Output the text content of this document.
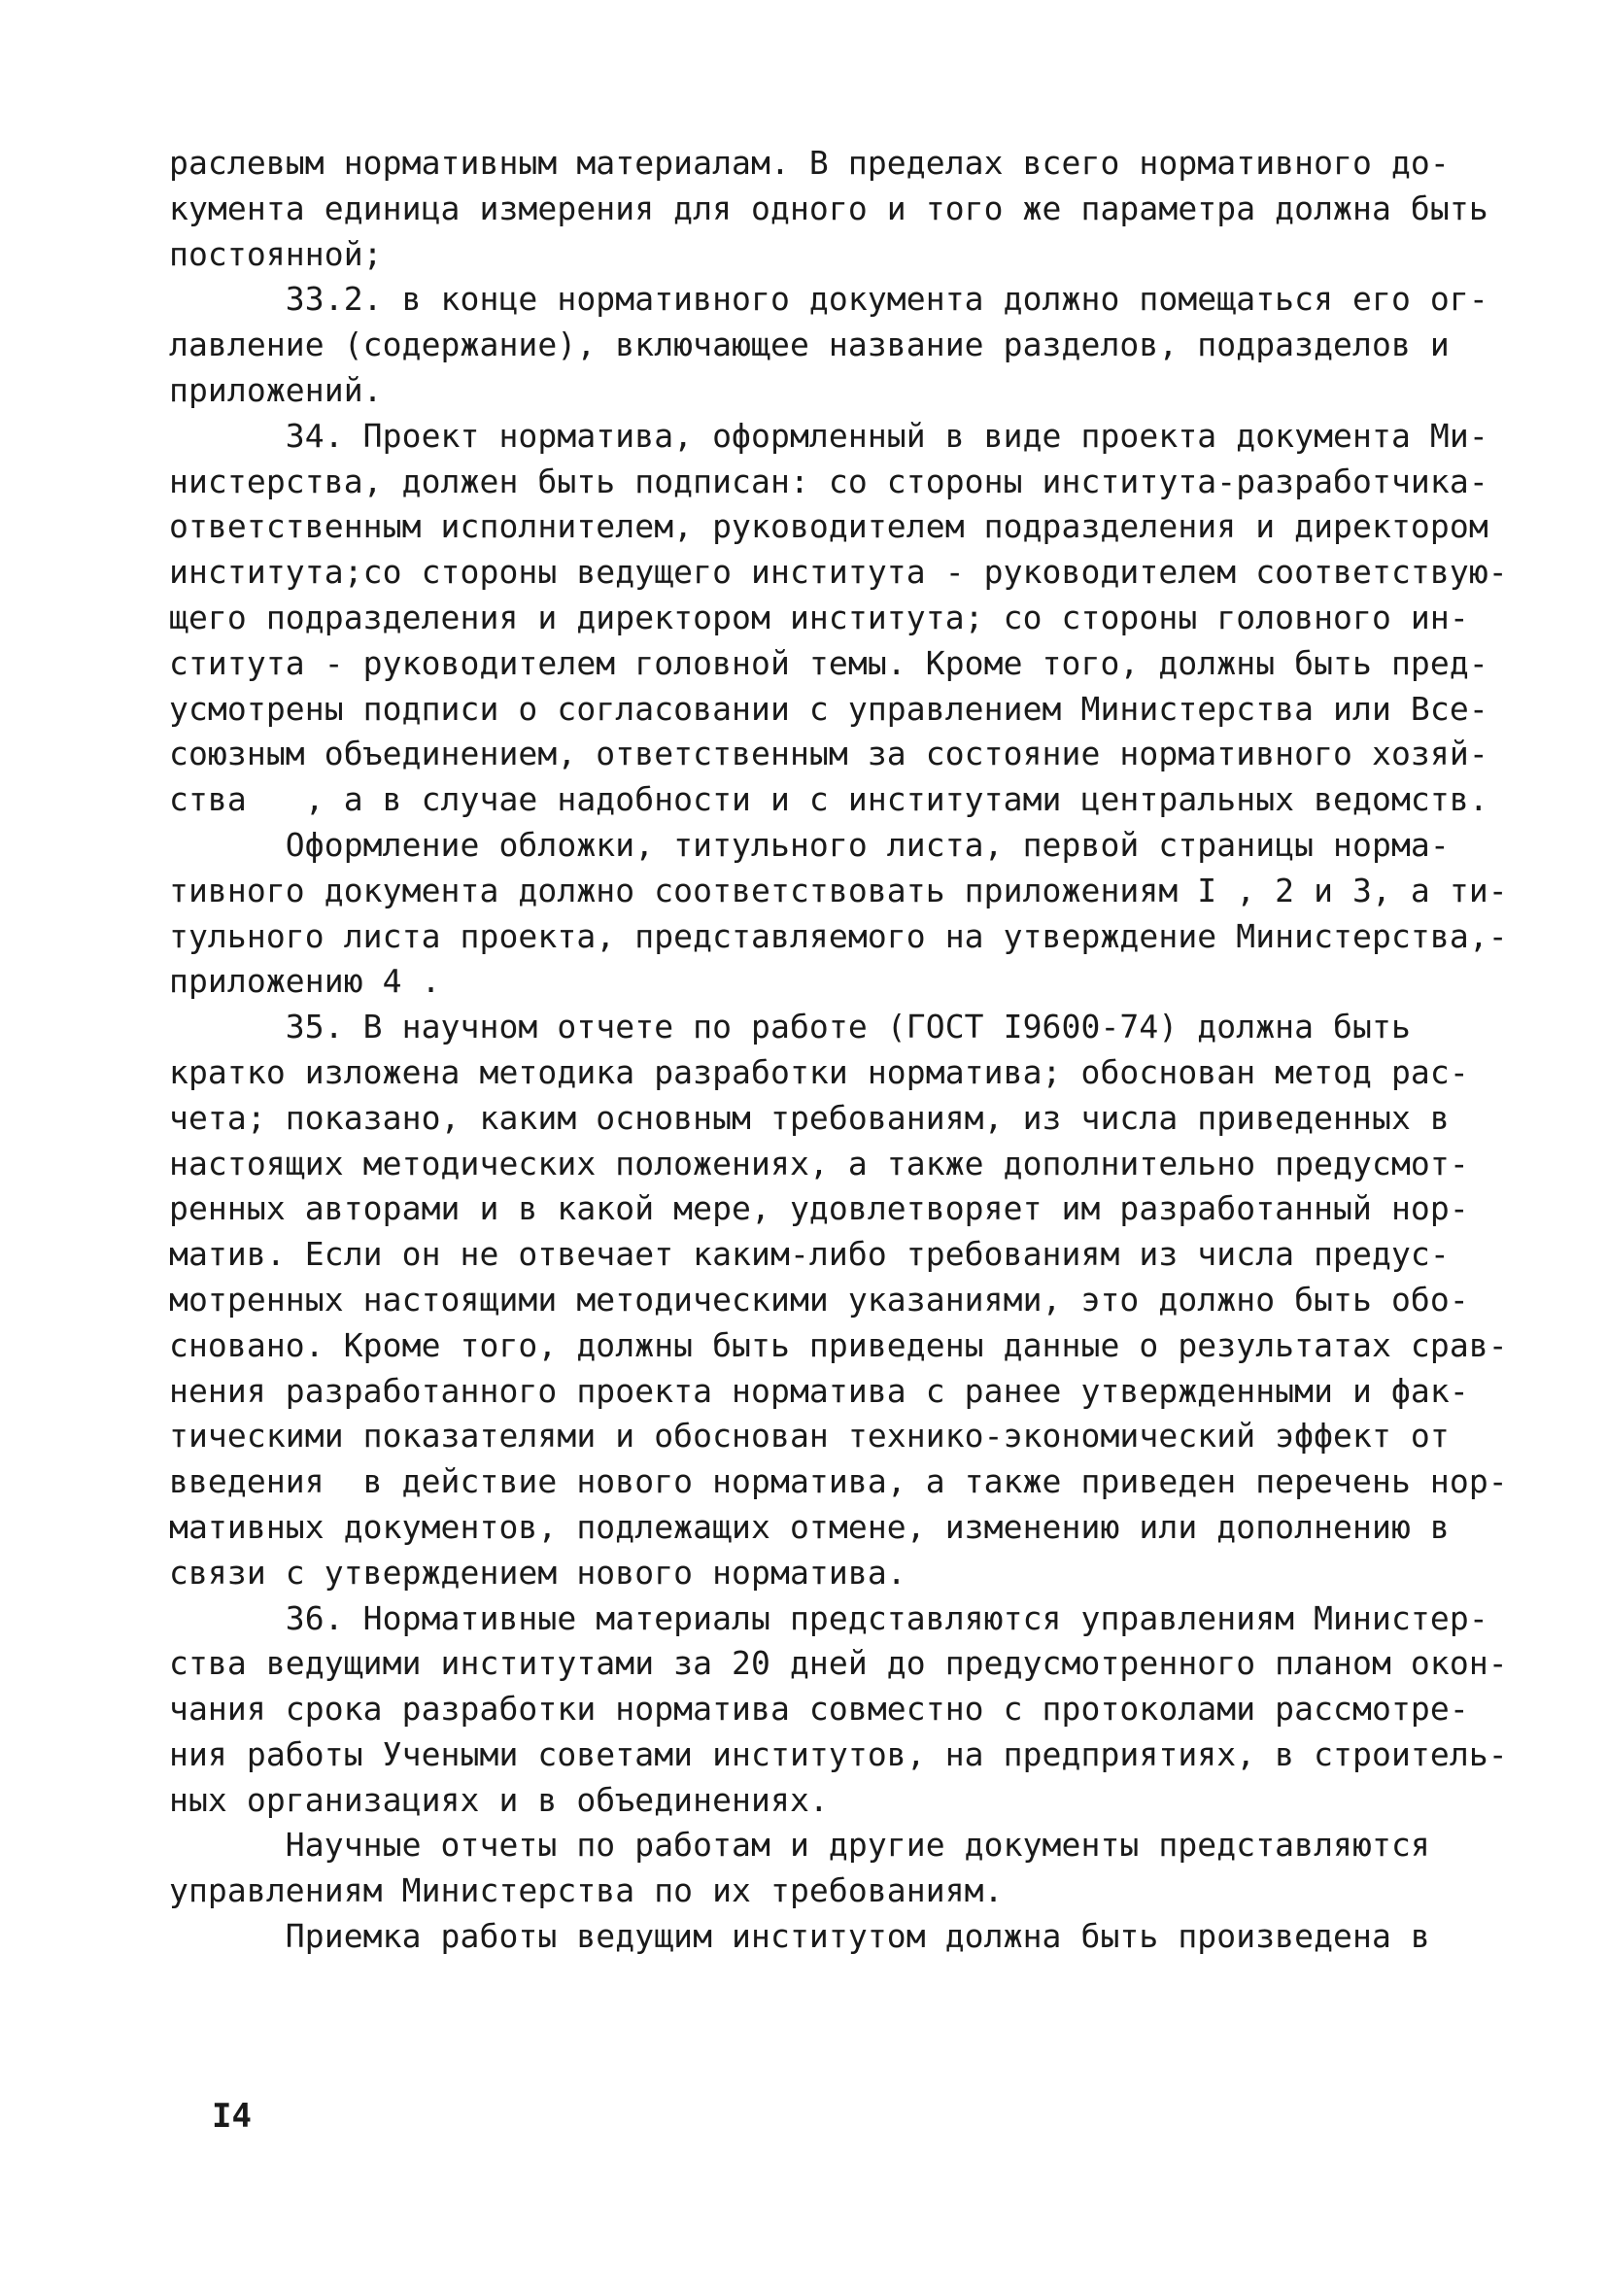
раслевым нормативным материалам. В пределах всего нормативного до-
кумента единица измерения для одного и того же параметра должна быть
постоянной;
33.2. в конце нормативного документа должно помещаться его ог-
лавление (содержание), включающее название разделов, подразделов и
приложений.
34. Проект норматива, оформленный в виде проекта документа Ми-
нистерства, должен быть подписан: со стороны института-разработчика-
ответственным исполнителем, руководителем подразделения и директором
института;со стороны ведущего института - руководителем соответствую-
щего подразделения и директором института; со стороны головного ин-
ститута - руководителем головной темы. Кроме того, должны быть пред-
усмотрены подписи о согласовании с управлением Министерства или Все-
союзным объединением, ответственным за состояние нормативного хозяй-
ства   , а в случае надобности и с институтами центральных ведомств.
Оформление обложки, титульного листа, первой страницы норма-
тивного документа должно соответствовать приложениям I , 2 и 3, а ти-
тульного листа проекта, представляемого на утверждение Министерства,-
приложению 4 .
35. В научном отчете по работе (ГОСТ I9600-74) должна быть
кратко изложена методика разработки норматива; обоснован метод рас-
чета; показано, каким основным требованиям, из числа приведенных в
настоящих методических положениях, а также дополнительно предусмот-
ренных авторами и в какой мере, удовлетворяет им разработанный нор-
матив. Если он не отвечает каким-либо требованиям из числа предус-
мотренных настоящими методическими указаниями, это должно быть обо-
сновано. Кроме того, должны быть приведены данные о результатах срав-
нения разработанного проекта норматива с ранее утвержденными и фак-
тическими показателями и обоснован технико-экономический эффект от
введения  в действие нового норматива, а также приведен перечень нор-
мативных документов, подлежащих отмене, изменению или дополнению в
связи с утверждением нового норматива.
36. Нормативные материалы представляются управлениям Министер-
ства ведущими институтами за 20 дней до предусмотренного планом окон-
чания срока разработки норматива совместно с протоколами рассмотре-
ния работы Учеными советами институтов, на предприятиях, в строитель-
ных организациях и в объединениях.
Научные отчеты по работам и другие документы представляются
управлениям Министерства по их требованиям.
Приемка работы ведущим институтом должна быть произведена в
I4
